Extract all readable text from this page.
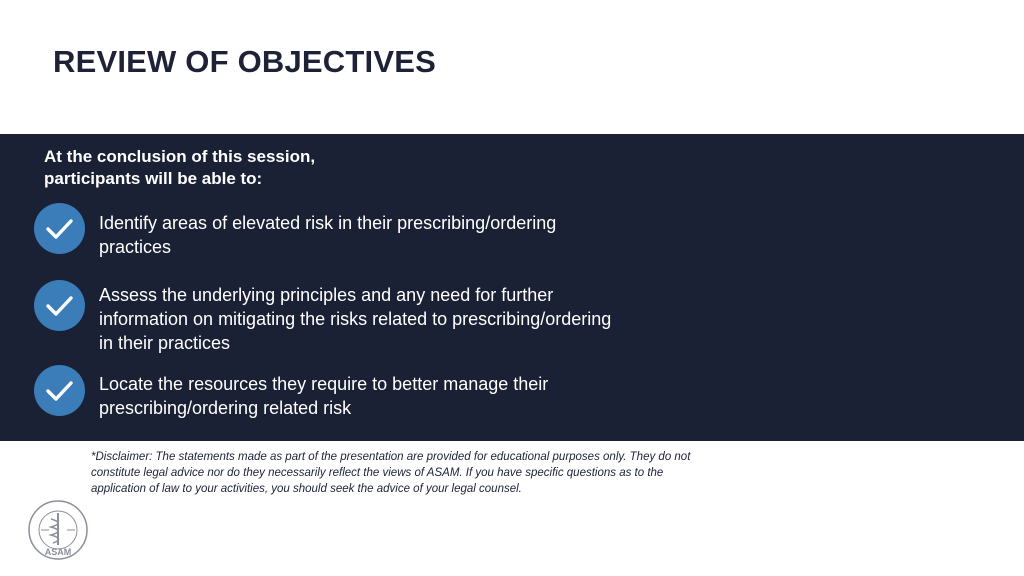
REVIEW OF OBJECTIVES
At the conclusion of this session,
participants will be able to:
Identify areas of elevated risk in their prescribing/ordering practices
Assess the underlying principles and any need for further information on mitigating the risks related to prescribing/ordering in their practices
Locate the resources they require to better manage their prescribing/ordering related risk
*Disclaimer: The statements made as part of the presentation are provided for educational purposes only. They do not constitute legal advice nor do they necessarily reflect the views of ASAM. If you have specific questions as to the application of law to your activities, you should seek the advice of your legal counsel.
ASAM
